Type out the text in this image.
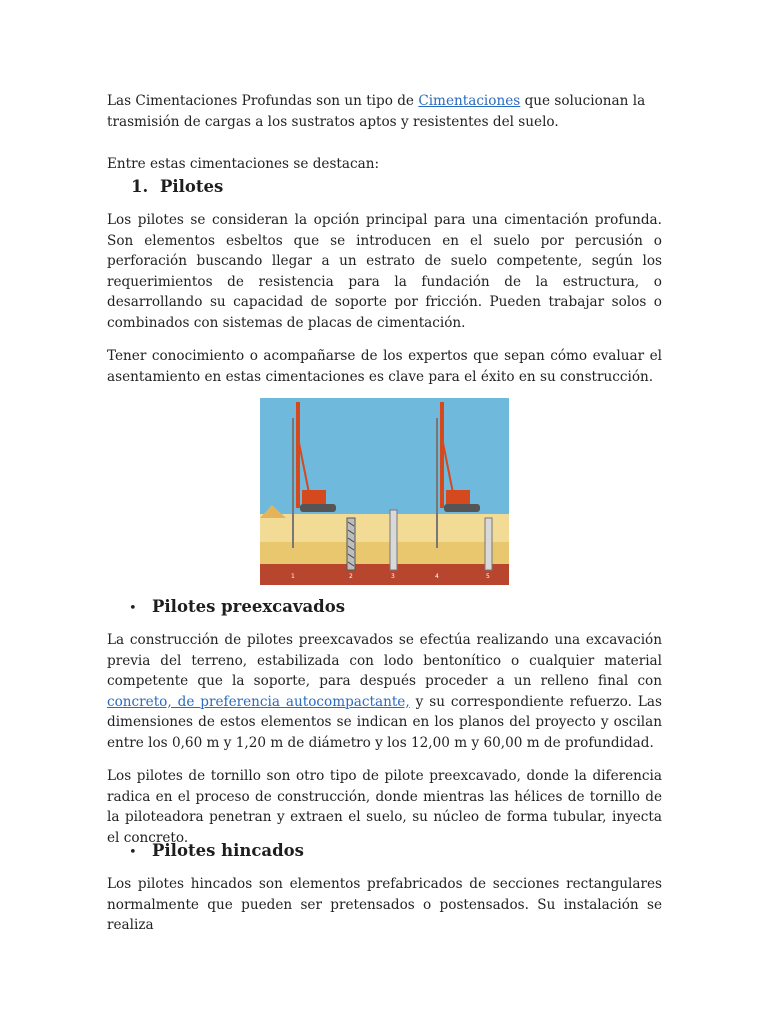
Las Cimentaciones Profundas son un tipo de Cimentaciones que solucionan la trasmisión de cargas a los sustratos aptos y resistentes del suelo.

Entre estas cimentaciones se destacan:

1. Pilotes

Los pilotes se consideran la opción principal para una cimentación profunda. Son elementos esbeltos que se introducen en el suelo por percusión o perforación buscando llegar a un estrato de suelo competente, según los requerimientos de resistencia para la fundación de la estructura, o desarrollando su capacidad de soporte por fricción. Pueden trabajar solos o combinados con sistemas de placas de cimentación.

Tener conocimiento o acompañarse de los expertos que sepan cómo evaluar el asentamiento en estas cimentaciones es clave para el éxito en su construcción.

• Pilotes preexcavados

La construcción de pilotes preexcavados se efectúa realizando una excavación previa del terreno, estabilizada con lodo bentonítico o cualquier material competente que la soporte, para después proceder a un relleno final con concreto, de preferencia autocompactante, y su correspondiente refuerzo. Las dimensiones de estos elementos se indican en los planos del proyecto y oscilan entre los 0,60 m y 1,20 m de diámetro y los 12,00 m y 60,00 m de profundidad.

Los pilotes de tornillo son otro tipo de pilote preexcavado, donde la diferencia radica en el proceso de construcción, donde mientras las hélices de tornillo de la piloteadora penetran y extraen el suelo, su núcleo de forma tubular, inyecta el concreto.

• Pilotes hincados

Los pilotes hincados son elementos prefabricados de secciones rectangulares normalmente que pueden ser pretensados o postensados. Su instalación se realiza

1	2	3	4	5
